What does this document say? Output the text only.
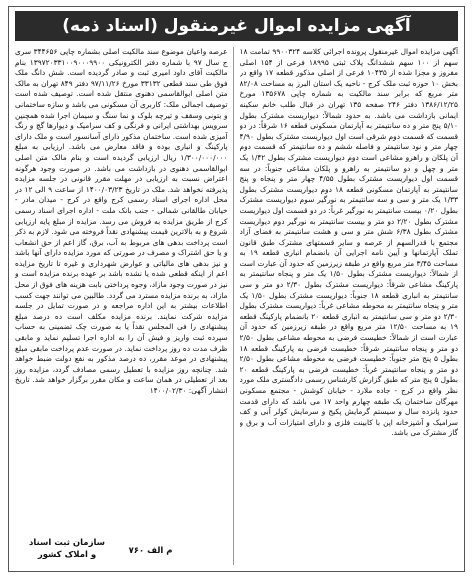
آگهی مزایده اموال غیرمنقول (اسناد ذمه)

آگهی مزایده اموال غیرمنقول پرونده اجرائی کلاسه ۹۹۰۰۳۲۴ تمامت ۱۸ سهم از ۱۰۰ سهم ششدانگ پلاک ثبتی ۱۸۹۹۵ فرعی از ۱۵۴ اصلی مفروز و مجزا شده از ۱۰۴۳۵ فرعی از اصلی مذکور قطعه ۱۷ واقع در بخش ۱۰ حوزه ثبت ملک کرج - ناحیه یک استان البرز به مساحت ۸۲/۰۸ متر مربع که برابر سند مالکیت به شماره چاپی ۱۳۵۶۷۸ مورخ ۱۳۸۶/۱۲/۲۵ دفتر ۲۴۶ صفحه ۱۳۵ تهران در قبال طلب خانم سکینه ایمانی بازداشت می باشد. به حدود شمالاً: دیواریست مشترک بطول ۵/۱۰ پنج متر و ده سانتیمتر به آپارتمان مسکونی قطعه ۱۶ شرقاً: در دو قسمت که قسمت دوم شرقی است اول دیواریست مشترک بطول ۴/۹۰ چهار متر و نود سانتیمتر و فاصله ششم و ده سانتیمتر که قسمت دوم آن پلکان و راهرو مشاعی است دوم دیواریست مشترک بطول ۱/۴۲ یک متر و چهل و دو سانتیمتر به راهرو و پلکان مشاعی جنوباً: در سه قسمت اول دیواریست مشترک بطول ۴/۵۵ چهار متر و پنجاه و پنج سانتیمتر به آپارتمان مسکونی قطعه ۱۸ دوم دیواریست مشترک بطول ۱/۳۳ یک متر و سی و سه سانتیمتر به نورگیر سوم دیواریست مشترک بطول ۰/۲۰ بیست سانتیمتر به نورگیر غرباً: در دو قسمت اول دیواریست مشترک بطول ۲/۲۰ دو متر و بیست سانتیمتر به نورگیر دوم دیواریست مشترک بطول ۶/۳۸ شش متر و سی و هشت سانتیمتر به فضای آزاد مجتمع با قدرالسهم از عرصه و سایر قسمتهای مشترک طبق قانون تملک آپارتمانها و آیین نامه اجرایی آن بانضمام انباری قطعه ۱۹ به مساحت ۳/۴۵ متر مربع واقع در طبقه زیرزمین که حدود آن عبارت است از شمالاً: دیواریست مشترک بطول ۱/۵۰ یک متر و پنجاه سانتیمتر به پارکینگ مشاعی شرقاً: دیواریست مشترک بطول ۲/۳۰ دو متر و سی سانتیمتر به انباری قطعه ۱۸ جنوباً: دیواریست مشترک بطول ۱/۵۰ یک متر و پنجاه سانتیمتر به محوطه مشاعی غرباً: دیواریست مشترک بطول ۲/۳۰ دو متر و سی سانتیمتر به انباری قطعه ۲۰ بانضمام پارکینگ قطعه ۱۹ به مساحت ۱۲/۵۰ متر مربع واقع در طبقه زیرزمین که حدود آن عبارت است از شمالاً: خطیست فرضی به محوطه مشاعی بطول ۲/۵۰ دو متر و پنجاه سانتیمتر شرقاً: خطیست فرضی به پارکینگ قطعه ۱۸ بطول ۵ پنج متر جنوباً: خطیست فرضی به محوطه مشاعی بطول ۲/۵۰ دو متر و پنجاه سانتیمتر غرباً: خطیست فرضی به پارکینگ قطعه ۲۰ بطول ۵ پنج متر که طبق گزارش کارشناس رسمی دادگستری ملک مورد نظر واقع در کرج - جاده ملارد - خیابان کوشش - مجتمع مسکونی مهرگان ساختمان یک طبقه چهارم واحد ۱۷ می باشد که دارای قدمت حدود پانزده سال و سیستم گرمایش پکیج و سرمایش کولر آبی و کف سرامیک و آشپزخانه اپن با کابینت فلزی و دارای امتیازات آب و برق و گاز مشترک می باشد.

عرصه واعیان موضوع سند مالکیت اصلی بشماره چاپی ۳۴۴۶۵۶ سری ج سال ۹۷ با شماره دفتر الکترونیکی ۱۳۹۷۲۰۳۳۱۰۰۹۰۰۰۹۹۰۰ بنام مالکیت آقای داود امیری ثبت و صادر گردیده است. شش دانگ ملک فوق طی سند قطعی ۳۳۱۳۲ مورخ ۹۷/۱۱/۲۶ دفتر ۸۴۹ تهران به مالک متن اصلی ابوالقاسمی دهنوی منتقل شده است. توصیف شده است توصیف اجمالی ملک: کاربری آن مسکونی می باشد و سازه ساختمانی و بتونی وسقف و تیرچه بلوک و نما سنگ و سیمان اجرا شده همچنین سرویس بهداشتی ایرانی و فرنگی و کف سرامیک و دیوارها گچ و رنگ آمیزی شده است. ساختمان مذکور دارای آسانسور است و ملک دارای پارکینگ و انباری بوده و فاقد معارض می باشد. ارزیابی به مبلغ ۱/۳۰۰/۰۰۰/۰۰۰ ریال ارزیابی گردیده است و بنام مالک متن اصلی ابوالقاسمی دهنوی در بازداشت می باشد. در صورت وجود هرگونه اعتراض نسبت به ارزیابی در مهلت مقرر قانونی در جلسه مزایده پذیرفته نخواهد شد. ملک در تاریخ ۱۴۰۰/۰۳/۲۳ از ساعت ۹ الی ۱۲ در محل اداره اجرای اسناد رسمی کرج واقع در کرج - میدان مادر - خیابان طالقانی شمالی - جنب بانک ملت - اداره اجرای اسناد رسمی کرج از طریق مزایده به فروش می رسد. مزایده از مبلغ پایه ارزیابی شروع و به بالاترین قیمت پیشنهادی نقداً فروخته می شود. لازم به ذکر است پرداخت بدهی های مربوط به آب، برق، گاز اعم از حق انشعاب و یا حق اشتراک و مصرف در صورتی که مورد مزایده دارای آنها باشد و نیز بدهی های مالیاتی و عوارض شهرداری و غیره تا تاریخ مزایده اعم از اینکه قطعی شده یا نشده باشد بر عهده برنده مزایده است و نیز در صورت وجود مازاد، وجوه پرداختی بابت هزینه های فوق از محل مازاد، به برنده مزایده مسترد می گردد. طالبین می توانند جهت کسب اطلاعات بیشتر به این اداره مراجعه و در صورت تمایل در جلسه مزایده شرکت نمایند. برنده مزایده مکلف است ده درصد مبلغ پیشنهادی را فی المجلس نقداً یا به صورت چک تضمینی به حساب سپرده ثبت واریز و فیش آن را به اداره اجرا تسلیم نماید و مابقی ظرف مدت ده روز پرداخت نماید. در صورت عدم پرداخت مابقی مبلغ پیشنهادی در موعد مقرر، ده درصد مذکور به نفع دولت ضبط خواهد شد. چنانچه روز مزایده با تعطیل رسمی مصادف گردد، مزایده روز بعد از تعطیلی در همان ساعت و مکان مقرر برگزار خواهد شد. تاریخ انتشار آگهی: ۱۴۰۰/۰۲/۳۰

م الف ۷۶۰
سازمان ثبت اسناد
و املاک کشور
